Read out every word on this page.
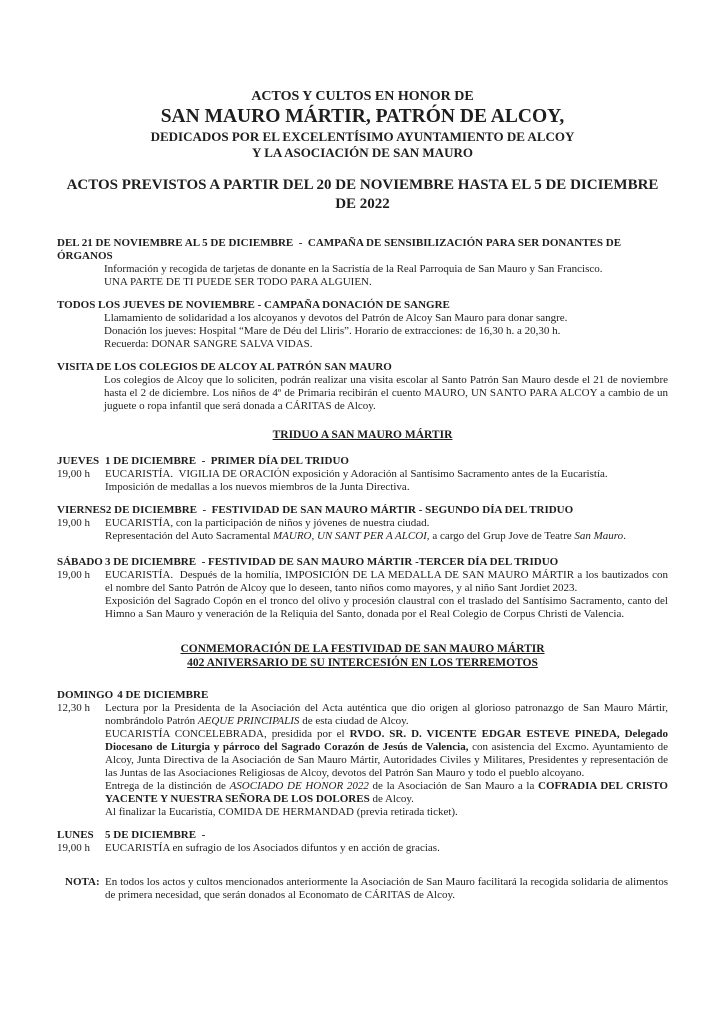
ACTOS Y CULTOS EN HONOR DE
SAN MAURO MÁRTIR, PATRÓN DE ALCOY,
DEDICADOS POR EL EXCELENTÍSIMO AYUNTAMIENTO DE ALCOY
Y LA ASOCIACIÓN DE SAN MAURO
ACTOS PREVISTOS A PARTIR DEL 20 DE NOVIEMBRE HASTA EL 5 DE DICIEMBRE DE 2022
DEL 21 DE NOVIEMBRE AL 5 DE DICIEMBRE  -  CAMPAÑA DE SENSIBILIZACIÓN PARA SER DONANTES DE ÓRGANOS
Información y recogida de tarjetas de donante en la Sacristía de la Real Parroquia de San Mauro y San Francisco.
UNA PARTE DE TI PUEDE SER TODO PARA ALGUIEN.
TODOS LOS JUEVES DE NOVIEMBRE - CAMPAÑA DONACIÓN DE SANGRE
Llamamiento de solidaridad a los alcoyanos y devotos del Patrón de Alcoy San Mauro para donar sangre.
Donación los jueves: Hospital “Mare de Déu del Lliris”. Horario de extracciones: de 16,30 h. a 20,30 h.
Recuerda: DONAR SANGRE SALVA VIDAS.
VISITA DE LOS COLEGIOS DE ALCOY AL PATRÓN SAN MAURO
Los colegios de Alcoy que lo soliciten, podrán realizar una visita escolar al Santo Patrón San Mauro desde el 21 de noviembre hasta el 2 de diciembre. Los niños de 4º de Primaria recibirán el cuento MAURO, UN SANTO PARA ALCOY a cambio de un juguete o ropa infantil que será donada a CÁRITAS de Alcoy.
TRIDUO A SAN MAURO MÁRTIR
JUEVES 1 DE DICIEMBRE  -  PRIMER DÍA DEL TRIDUO
19,00 h	EUCARISTÍA.  VIGILIA DE ORACIÓN exposición y Adoración al Santísimo Sacramento antes de la Eucaristía.
Imposición de medallas a los nuevos miembros de la Junta Directiva.
VIERNES 2 DE DICIEMBRE  -  FESTIVIDAD DE SAN MAURO MÁRTIR - SEGUNDO DÍA DEL TRIDUO
19,00 h	EUCARISTÍA, con la participación de niños y jóvenes de nuestra ciudad.
Representación del Auto Sacramental MAURO, UN SANT PER A ALCOI, a cargo del Grup Jove de Teatre San Mauro.
SÁBADO 3 DE DICIEMBRE  - FESTIVIDAD DE SAN MAURO MÁRTIR -TERCER DÍA DEL TRIDUO
19,00 h	EUCARISTÍA.  Después de la homilía, IMPOSICIÓN DE LA MEDALLA DE SAN MAURO MÁRTIR a los bautizados con el nombre del Santo Patrón de Alcoy que lo deseen, tanto niños como mayores, y al niño Sant Jordiet 2023.
Exposición del Sagrado Copón en el tronco del olivo y procesión claustral con el traslado del Santísimo Sacramento, canto del Himno a San Mauro y veneración de la Reliquia del Santo, donada por el Real Colegio de Corpus Christi de Valencia.
CONMEMORACIÓN DE LA FESTIVIDAD DE SAN MAURO MÁRTIR
402 ANIVERSARIO DE SU INTERCESIÓN EN LOS TERREMOTOS
DOMINGO 4 DE DICIEMBRE
12,30 h	Lectura por la Presidenta de la Asociación del Acta auténtica que dio origen al glorioso patronazgo de San Mauro Mártir, nombrándolo Patrón AEQUE PRINCIPALIS de esta ciudad de Alcoy.
EUCARISTÍA CONCELEBRADA, presidida por el RVDO. SR. D. VICENTE EDGAR ESTEVE PINEDA, Delegado Diocesano de Liturgia y párroco del Sagrado Corazón de Jesús de Valencia, con asistencia del Excmo. Ayuntamiento de Alcoy, Junta Directiva de la Asociación de San Mauro Mártir, Autoridades Civiles y Militares, Presidentes y representación de las Juntas de las Asociaciones Religiosas de Alcoy, devotos del Patrón San Mauro y todo el pueblo alcoyano.
Entrega de la distinción de ASOCIADO DE HONOR 2022 de la Asociación de San Mauro a la COFRADIA DEL CRISTO YACENTE Y NUESTRA SEÑORA DE LOS DOLORES de Alcoy.
Al finalizar la Eucaristía, COMIDA DE HERMANDAD (previa retirada ticket).
LUNES	5 DE DICIEMBRE  -
19,00 h	EUCARISTÍA en sufragio de los Asociados difuntos y en acción de gracias.
NOTA: En todos los actos y cultos mencionados anteriormente la Asociación de San Mauro facilitará la recogida solidaria de alimentos de primera necesidad, que serán donados al Economato de CÁRITAS de Alcoy.
